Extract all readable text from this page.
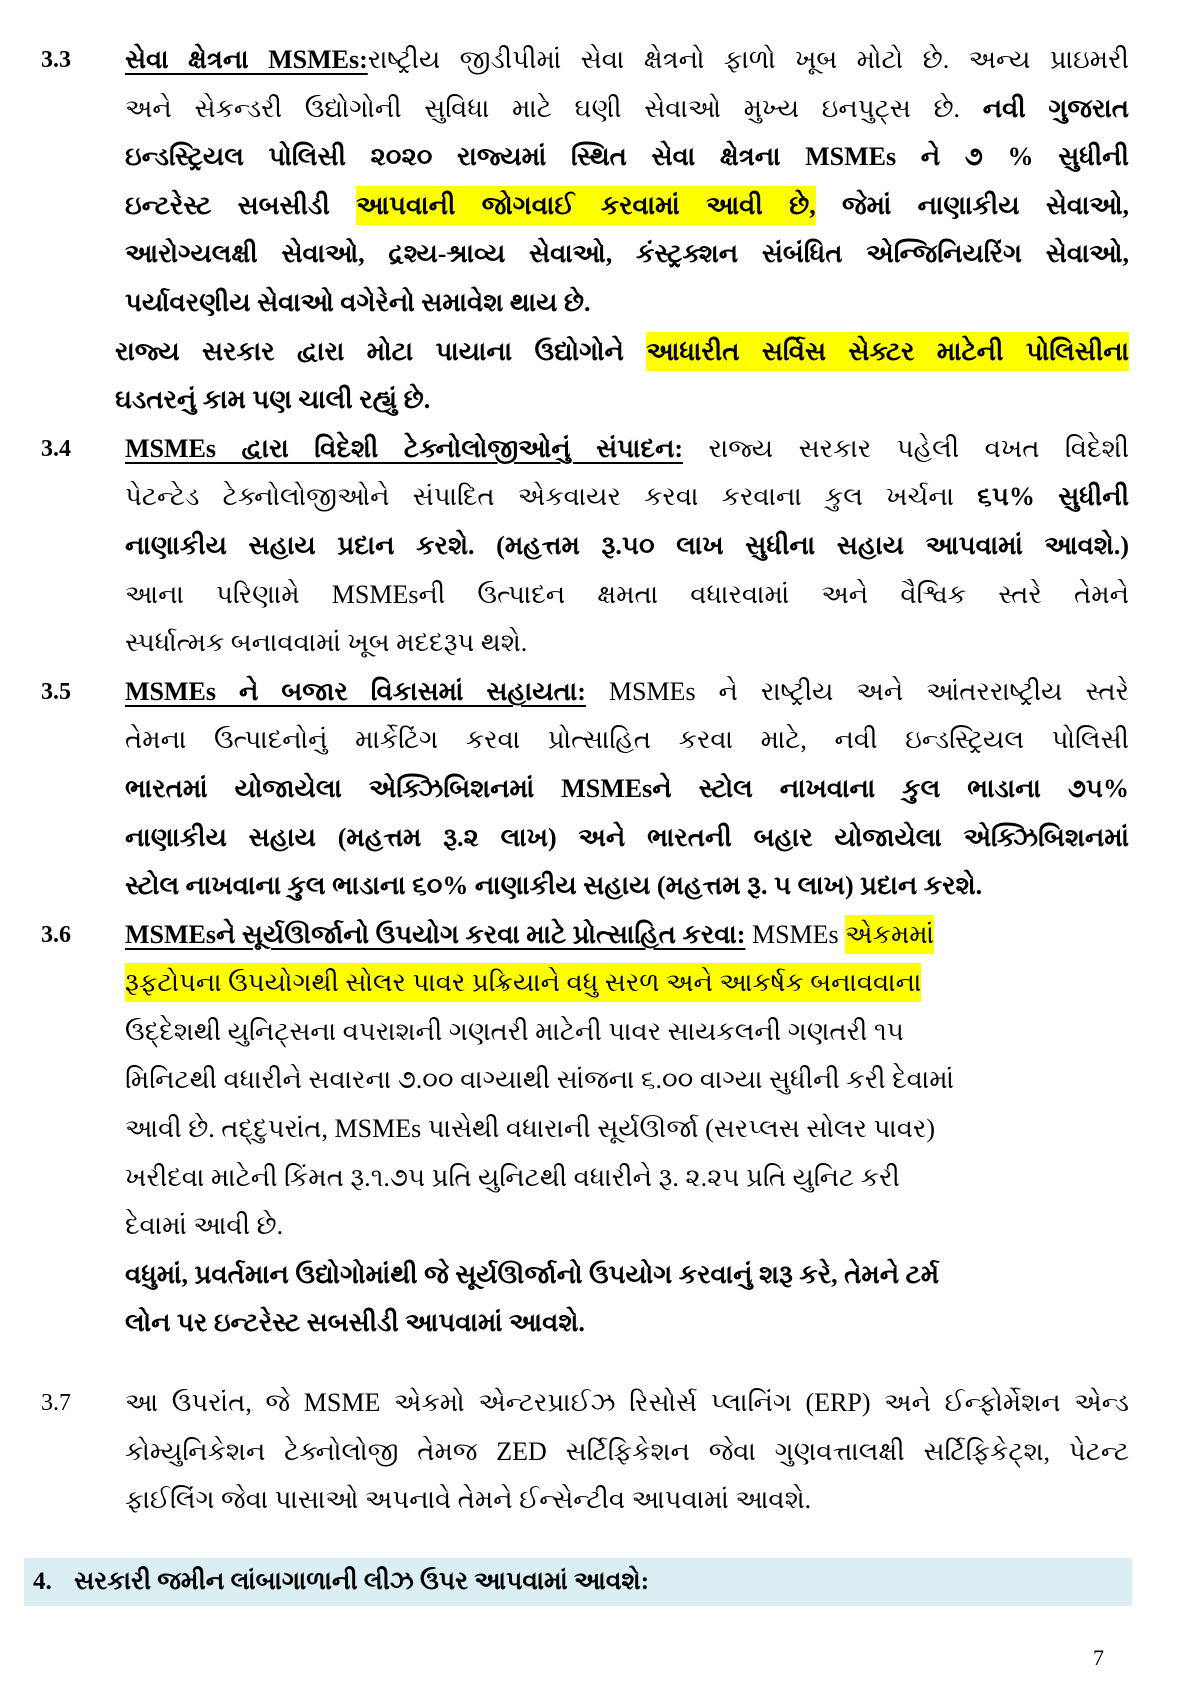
3.3 સેવા ક્ષેત્રના MSMEs:રાષ્ટ્રીય જીડીપીમાં સેવા ક્ષેત્રનો ફાળો ખૂબ મોટો છે. અન્ય પ્રાઇમરી
અને સેકન્ડરી ઉદ્યોગોની સુવિધા માટે ઘણી સેવાઓ મુખ્ય ઇનપુટ્સ છે. નવી ગુજરાત
ઇન્ડસ્ટ્રિયલ પોલિસી ૨૦૨૦ રાજ્યમાં સ્થિત સેવા ક્ષેત્રના MSMEs ને ૭ % સુધીની
ઇન્ટરેસ્ટ સબસીડી આપવાની જોગવાઈ કરવામાં આવી છે, જેમાં નાણાકીય સેવાઓ,
આરોગ્યલક્ષી સેવાઓ, દ્રશ્ય-શ્રાવ્ય સેવાઓ, કંસ્ટ્રક્શન સંબંધિત એન્જિનિયરિંગ સેવાઓ,
પર્યાવરણીય સેવાઓ વગેરેનો સમાવેશ થાય છે.
રાજ્ય સરકાર દ્વારા મોટા પાયાના ઉદ્યોગોને આધારીત સર્વિસ સેક્ટર માટેની પોલિસીના
ઘડતરનું કામ પણ ચાલી રહ્યું છે.
3.4 MSMEs દ્વારા વિદેશી ટેક્નોલોજીઓનું સંપાદન: રાજ્ય સરકાર પહેલી વખત વિદેશી
પેટન્ટેડ ટેક્નોલોજીઓને સંપાદિત એકવાયર કરવા કરવાના કુલ ખર્ચના ૬૫% સુધીની
નાણાકીય સહાય પ્રદાન કરશે. (મહત્તમ રૂ.૫૦ લાખ સુધીના સહાય આપવામાં આવશે.)
આના પરિણામે MSMEsની ઉત્પાદન ક્ષમતા વધારવામાં અને વૈશ્વિક સ્તરે તેમને
સ્પર્ધાત્મક બનાવવામાં ખૂબ મદદરૂપ થશે.
3.5 MSMEs ને બજાર વિકાસમાં સહાયતા: MSMEs ને રાષ્ટ્રીય અને આંતરરાષ્ટ્રીય સ્તરે
તેમના ઉત્પાદનોનું માર્કેટિંગ કરવા પ્રોત્સાહિત કરવા માટે, નવી ઇન્ડસ્ટ્રિયલ પોલિસી
ભારતમાં યોજાયેલા એક્ઝિબિશનમાં MSMEsને સ્ટોલ નાખવાના કુલ ભાડાના ૭૫%
નાણાકીય સહાય (મહત્તમ રૂ.૨ લાખ) અને ભારતની બહાર યોજાયેલા એક્ઝિબિશનમાં
સ્ટોલ નાખવાના કુલ ભાડાના ૬૦% નાણાકીય સહાય (મહત્તમ રૂ. ૫ લાખ) પ્રદાન કરશે.
3.6 MSMEsને સૂર્યઊર્જાનો ઉપયોગ કરવા માટે પ્રોત્સાહિત કરવા: MSMEs એકમમાં
રૂફટોપના ઉપયોગથી સોલર પાવર પ્રક્રિયાને વધુ સરળ અને આકર્ષક બનાવવાના
ઉદ્દેશથી યુનિટ્સના વપરાશની ગણતરી માટેની પાવર સાયકલની ગણતરી ૧૫
મિનિટથી વધારીને સવારના ૭.૦૦ વાગ્યાથી સાંજના ૬.૦૦ વાગ્યા સુધીની કરી દેવામાં
આવી છે. તદ્દુપરાંત, MSMEs પાસેથી વધારાની સૂર્યઊર્જા (સરપ્લસ સોલર પાવર)
ખરીદવા માટેની કિંમત રૂ.૧.૭૫ પ્રતિ યુનિટથી વધારીને રૂ. ૨.૨૫ પ્રતિ યુનિટ કરી
દેવામાં આવી છે.
વધુમાં, પ્રવર્તમાન ઉદ્યોગોમાંથી જે સૂર્યઊર્જાનો ઉપયોગ કરવાનું શરૂ કરે, તેમને ટર્મ
લોન પર ઇન્ટરેસ્ટ સબસીડી આપવામાં આવશે.
3.7 આ ઉપરાંત, જે MSME એકમો એન્ટરપ્રાઈઝ રિસોર્સ પ્લાનિંગ (ERP) અને ઈન્ફોર્મેશન એન્ડ
કોમ્યુનિકેશન ટેક્નોલોજી તેમજ ZED સર્ટિફિકેશન જેવા ગુણવત્તાલક્ષી સર્ટિફિકેટ્શ, પેટન્ટ
ફાઈલિંગ જેવા પાસાઓ અપનાવે તેમને ઈન્સેન્ટીવ આપવામાં આવશે.
4. સરકારી જમીન લાંબાગાળાની લીઝ ઉપર આપવામાં આવશે:
7
